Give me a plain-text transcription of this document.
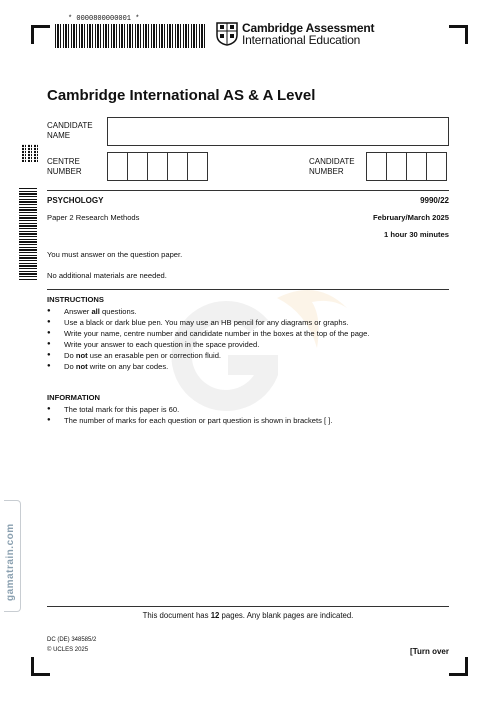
* 0000800000001 *
Cambridge Assessment
International Education
Cambridge International AS & A Level
CANDIDATE
NAME
CENTRE
NUMBER
CANDIDATE
NUMBER
PSYCHOLOGY	9990/22
Paper 2 Research Methods	February/March 2025
1 hour 30 minutes
You must answer on the question paper.
No additional materials are needed.
INSTRUCTIONS
● Answer all questions.
● Use a black or dark blue pen. You may use an HB pencil for any diagrams or graphs.
● Write your name, centre number and candidate number in the boxes at the top of the page.
● Write your answer to each question in the space provided.
● Do not use an erasable pen or correction fluid.
● Do not write on any bar codes.
INFORMATION
● The total mark for this paper is 60.
● The number of marks for each question or part question is shown in brackets [ ].
gamatrain.com
This document has 12 pages. Any blank pages are indicated.
DC (DE) 348585/2
© UCLES 2025	[Turn over
